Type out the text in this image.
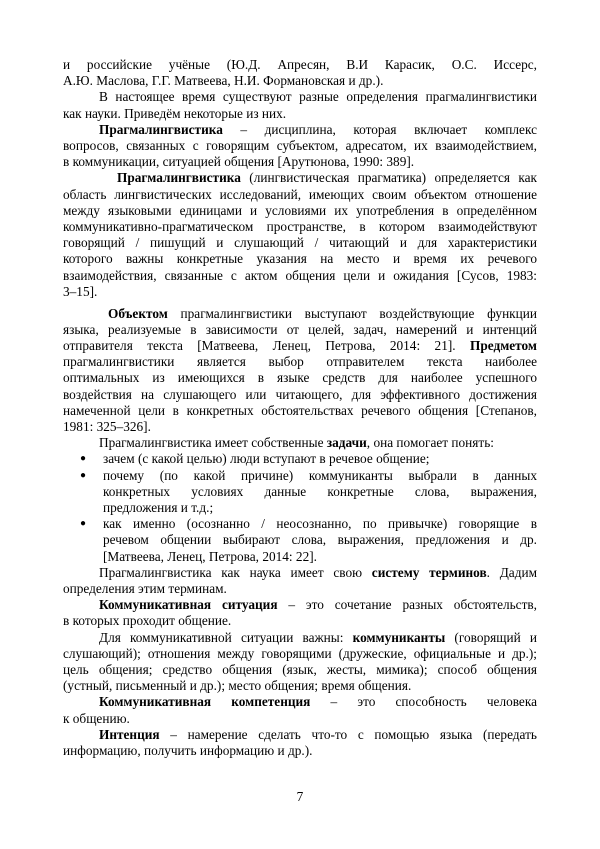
и российские учёные (Ю.Д. Апресян, В.И Карасик, О.С. Иссерс,
А.Ю. Маслова, Г.Г. Матвеева, Н.И. Формановская и др.).
В настоящее время существуют разные определения прагмалингвистики
как науки. Приведём некоторые из них.
Прагмалингвистика – дисциплина, которая включает комплекс
вопросов, связанных с говорящим субъектом, адресатом, их взаимодействием,
в коммуникации, ситуацией общения [Арутюнова, 1990: 389].
Прагмалингвистика (лингвистическая прагматика) определяется как
область лингвистических исследований, имеющих своим объектом отношение
между языковыми единицами и условиями их употребления в определённом
коммуникативно-прагматическом пространстве, в котором взаимодействуют
говорящий / пишущий и слушающий / читающий и для характеристики
которого важны конкретные указания на место и время их речевого
взаимодействия, связанные с актом общения цели и ожидания [Сусов, 1983:
3–15].
Объектом прагмалингвистики выступают воздействующие функции
языка, реализуемые в зависимости от целей, задач, намерений и интенций
отправителя текста [Матвеева, Ленец, Петрова, 2014: 21]. Предметом
прагмалингвистики является выбор отправителем текста наиболее
оптимальных из имеющихся в языке средств для наиболее успешного
воздействия на слушающего или читающего, для эффективного достижения
намеченной цели в конкретных обстоятельствах речевого общения [Степанов,
1981: 325–326].
Прагмалингвистика имеет собственные задачи, она помогает понять:
● зачем (с какой целью) люди вступают в речевое общение;
● почему (по какой причине) коммуниканты выбрали в данных
конкретных условиях данные конкретные слова, выражения,
предложения и т.д.;
● как именно (осознанно / неосознанно, по привычке) говорящие в
речевом общении выбирают слова, выражения, предложения и др.
[Матвеева, Ленец, Петрова, 2014: 22].
Прагмалингвистика как наука имеет свою систему терминов. Дадим
определения этим терминам.
Коммуникативная ситуация – это сочетание разных обстоятельств,
в которых проходит общение.
Для коммуникативной ситуации важны: коммуниканты (говорящий и
слушающий); отношения между говорящими (дружеские, официальные и др.);
цель общения; средство общения (язык, жесты, мимика); способ общения
(устный, письменный и др.); место общения; время общения.
Коммуникативная компетенция – это способность человека
к общению.
Интенция – намерение сделать что-то с помощью языка (передать
информацию, получить информацию и др.).
7
